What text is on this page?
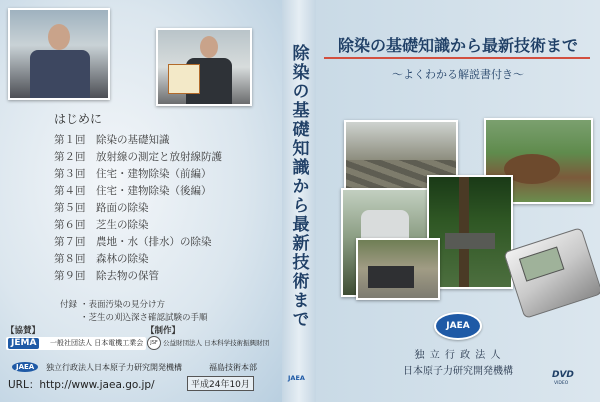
はじめに
第１回 除染の基礎知識
第２回 放射線の測定と放射線防護
第３回 住宅・建物除染（前編）
第４回 住宅・建物除染（後編）
第５回 路面の除染
第６回 芝生の除染
第７回 農地・水（排水）の除染
第８回 森林の除染
第９回 除去物の保管
付録 ・表面汚染の見分け方
・芝生の刈込深さ確認試験の手順
【協賛】	【制作】
JEMA	一般社団法人 日本電機工業会	JSF 公益財団法人 日本科学技術振興財団
JAEA	独立行政法人日本原子力研究開発機構	福島技術本部
URL：http://www.jaea.go.jp/	平成24年10月
除染の基礎知識から最新技術まで
JAEA
除染の基礎知識から最新技術まで
～よくわかる解説書付き～
JAEA
独 立 行 政 法 人
日本原子力研究開発機構	DVD
VIDEO
